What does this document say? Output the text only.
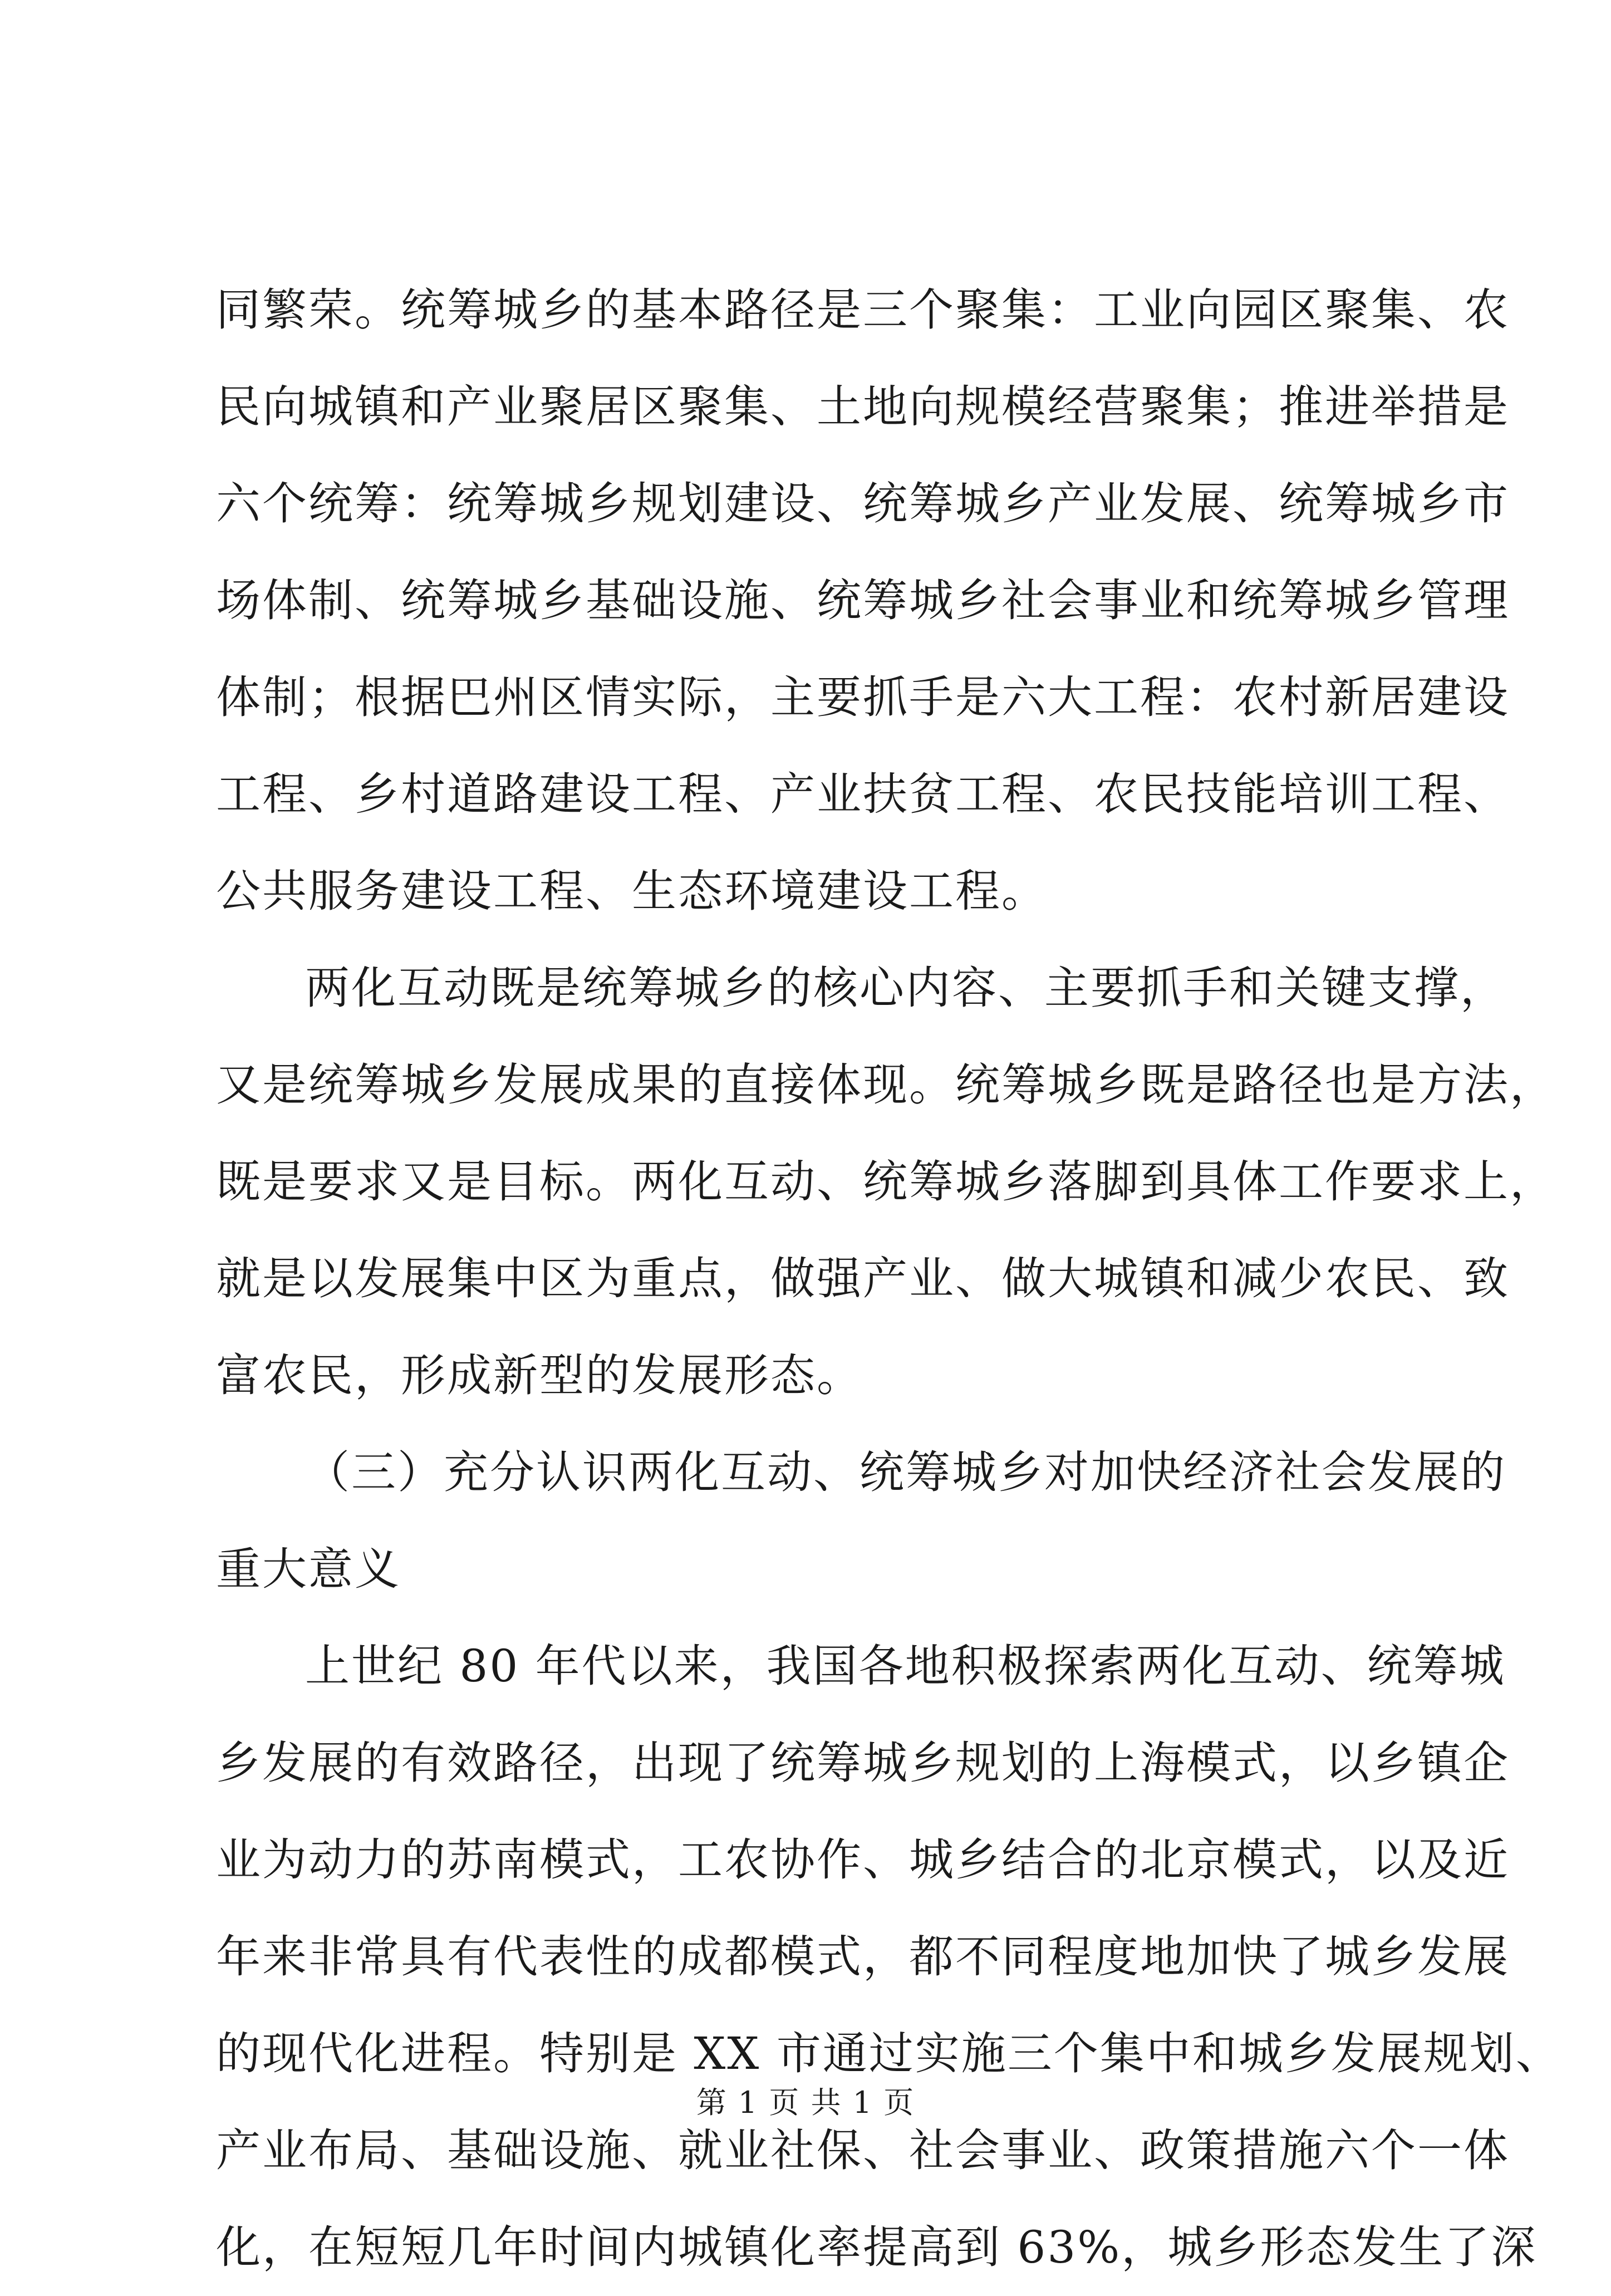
同繁荣。统筹城乡的基本路径是三个聚集：工业向园区聚集、农
民向城镇和产业聚居区聚集、土地向规模经营聚集；推进举措是
六个统筹：统筹城乡规划建设、统筹城乡产业发展、统筹城乡市
场体制、统筹城乡基础设施、统筹城乡社会事业和统筹城乡管理
体制；根据巴州区情实际，主要抓手是六大工程：农村新居建设
工程、乡村道路建设工程、产业扶贫工程、农民技能培训工程、
公共服务建设工程、生态环境建设工程。
两化互动既是统筹城乡的核心内容、主要抓手和关键支撑，
又是统筹城乡发展成果的直接体现。统筹城乡既是路径也是方法，
既是要求又是目标。两化互动、统筹城乡落脚到具体工作要求上，
就是以发展集中区为重点，做强产业、做大城镇和减少农民、致
富农民，形成新型的发展形态。
（三）充分认识两化互动、统筹城乡对加快经济社会发展的
重大意义
上世纪 80 年代以来，我国各地积极探索两化互动、统筹城
乡发展的有效路径，出现了统筹城乡规划的上海模式，以乡镇企
业为动力的苏南模式，工农协作、城乡结合的北京模式，以及近
年来非常具有代表性的成都模式，都不同程度地加快了城乡发展
的现代化进程。特别是 XX 市通过实施三个集中和城乡发展规划、
产业布局、基础设施、就业社保、社会事业、政策措施六个一体
化，在短短几年时间内城镇化率提高到 63%，城乡形态发生了深
第 1 页 共 1 页
